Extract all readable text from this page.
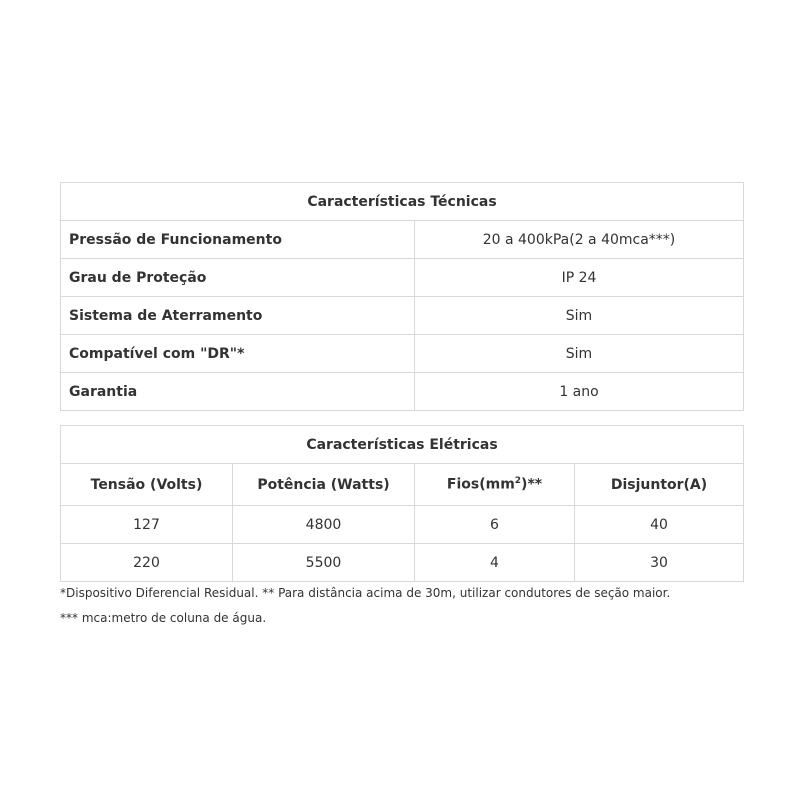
Características Técnicas	
Pressão de Funcionamento	20 a 400kPa(2 a 40mca***)
Grau de Proteção	IP 24
Sistema de Aterramento	Sim
Compatível com "DR"*	Sim
Garantia	1 ano
Características Elétricas			
Tensão (Volts)	Potência (Watts)	$Fios(mm^2)**$	Disjuntor(A)
127	4800	6	40
220	5500	4	30
*Dispositivo Diferencial Residual. ** Para distância acima de 30m, utilizar condutores de seção maior.
*** mca:metro de coluna de água.
